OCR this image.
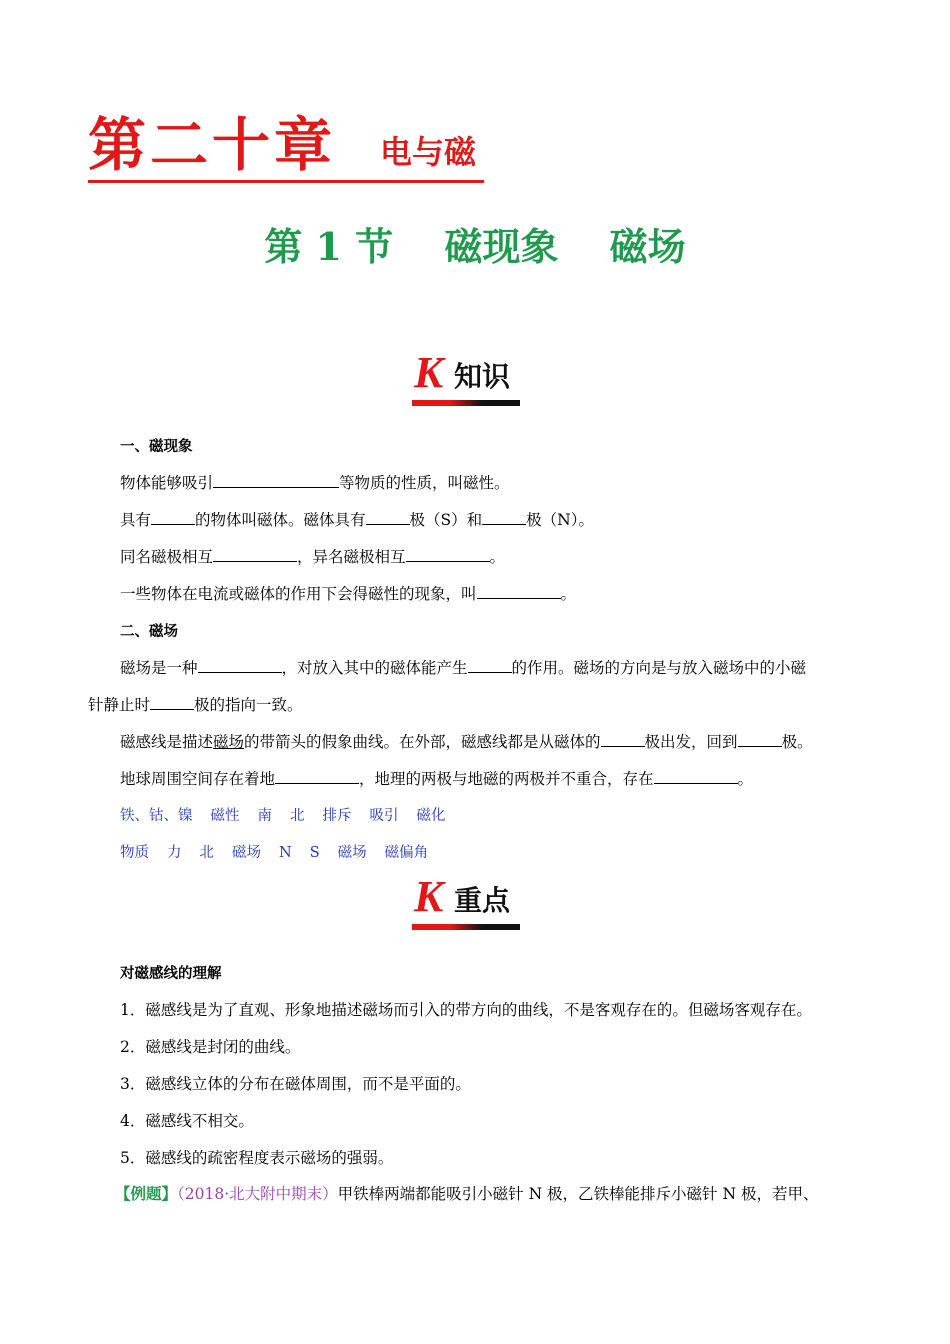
第二十章 电与磁
第 1 节　 磁现象　 磁场
K 知识
一、磁现象
物体能够吸引	等物质的性质，叫磁性。
具有	的物体叫磁体。磁体具有	极（S）和	极（N）。
同名磁极相互	，异名磁极相互	。
一些物体在电流或磁体的作用下会得磁性的现象，叫	。
二、磁场
磁场是一种	，对放入其中的磁体能产生	的作用。磁场的方向是与放入磁场中的小磁
针静止时	极的指向一致。
磁感线是描述磁场的带箭头的假象曲线。在外部，磁感线都是从磁体的	极出发，回到	极。
地球周围空间存在着地	，地理的两极与地磁的两极并不重合，存在	。
铁、钴、镍 磁性 南 北 排斥 吸引 磁化
物质 力 北 磁场 N S 磁场 磁偏角
K 重点
对磁感线的理解
1．磁感线是为了直观、形象地描述磁场而引入的带方向的曲线，不是客观存在的。但磁场客观存在。
2．磁感线是封闭的曲线。
3．磁感线立体的分布在磁体周围，而不是平面的。
4．磁感线不相交。
5．磁感线的疏密程度表示磁场的强弱。
【例题】（2018·北大附中期末）甲铁棒两端都能吸引小磁针 N 极，乙铁棒能排斥小磁针 N 极，若甲、
